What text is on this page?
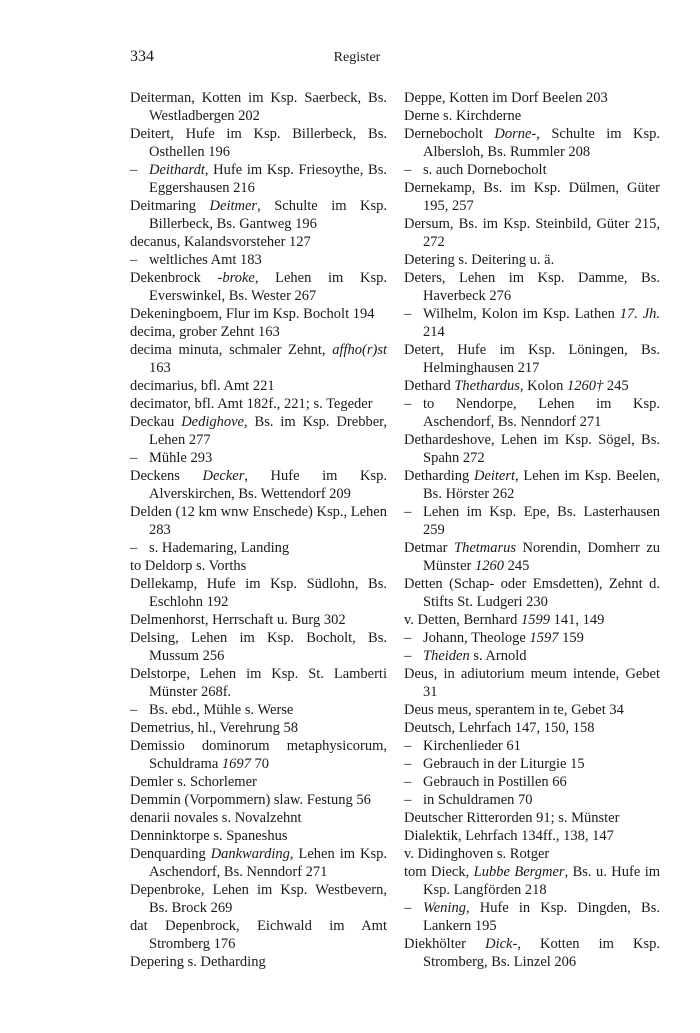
334	Register

Deiterman, Kotten im Ksp. Saerbeck, Bs. Westladbergen 202

Deitert, Hufe im Ksp. Billerbeck, Bs. Osthellen 196

– Deithardt, Hufe im Ksp. Friesoythe, Bs. Eggershausen 216

Deitmaring Deitmer, Schulte im Ksp. Billerbeck, Bs. Gantweg 196

decanus, Kalandsvorsteher 127

– weltliches Amt 183

Dekenbrock -broke, Lehen im Ksp. Everswinkel, Bs. Wester 267

Dekeningboem, Flur im Ksp. Bocholt 194

decima, grober Zehnt 163

decima minuta, schmaler Zehnt, affho(r)st 163

decimarius, bfl. Amt 221

decimator, bfl. Amt 182f., 221; s. Tegeder

Deckau Dedighove, Bs. im Ksp. Drebber, Lehen 277

– Mühle 293

Deckens Decker, Hufe im Ksp. Alverskirchen, Bs. Wettendorf 209

Delden (12 km wnw Enschede) Ksp., Lehen 283

– s. Hademaring, Landing

to Deldorp s. Vorths

Dellekamp, Hufe im Ksp. Südlohn, Bs. Eschlohn 192

Delmenhorst, Herrschaft u. Burg 302

Delsing, Lehen im Ksp. Bocholt, Bs. Mussum 256

Delstorpe, Lehen im Ksp. St. Lamberti Münster 268f.

– Bs. ebd., Mühle s. Werse

Demetrius, hl., Verehrung 58

Demissio dominorum metaphysicorum, Schuldrama 1697 70

Demler s. Schorlemer

Demmin (Vorpommern) slaw. Festung 56

denarii novales s. Novalzehnt

Denninktorpe s. Spaneshus

Denquarding Dankwarding, Lehen im Ksp. Aschendorf, Bs. Nenndorf 271

Depenbroke, Lehen im Ksp. Westbevern, Bs. Brock 269

dat Depenbrock, Eichwald im Amt Stromberg 176

Depering s. Detharding

Deppe, Kotten im Dorf Beelen 203

Derne s. Kirchderne

Dernebocholt Dorne-, Schulte im Ksp. Albersloh, Bs. Rummler 208

– s. auch Dornebocholt

Dernekamp, Bs. im Ksp. Dülmen, Güter 195, 257

Dersum, Bs. im Ksp. Steinbild, Güter 215, 272

Detering s. Deitering u. ä.

Deters, Lehen im Ksp. Damme, Bs. Haverbeck 276

– Wilhelm, Kolon im Ksp. Lathen 17. Jh. 214

Detert, Hufe im Ksp. Löningen, Bs. Helminghausen 217

Dethard Thethardus, Kolon 1260† 245

– to Nendorpe, Lehen im Ksp. Aschendorf, Bs. Nenndorf 271

Dethardeshove, Lehen im Ksp. Sögel, Bs. Spahn 272

Detharding Deitert, Lehen im Ksp. Beelen, Bs. Hörster 262

– Lehen im Ksp. Epe, Bs. Lasterhausen 259

Detmar Thetmarus Norendin, Domherr zu Münster 1260 245

Detten (Schap- oder Emsdetten), Zehnt d. Stifts St. Ludgeri 230

v. Detten, Bernhard 1599 141, 149

– Johann, Theologe 1597 159

– Theiden s. Arnold

Deus, in adiutorium meum intende, Gebet 31

Deus meus, sperantem in te, Gebet 34

Deutsch, Lehrfach 147, 150, 158

– Kirchenlieder 61

– Gebrauch in der Liturgie 15

– Gebrauch in Postillen 66

– in Schuldramen 70

Deutscher Ritterorden 91; s. Münster

Dialektik, Lehrfach 134ff., 138, 147

v. Didinghoven s. Rotger

tom Dieck, Lubbe Bergmer, Bs. u. Hufe im Ksp. Langförden 218

– Wening, Hufe in Ksp. Dingden, Bs. Lankern 195

Diekhölter Dick-, Kotten im Ksp. Stromberg, Bs. Linzel 206
